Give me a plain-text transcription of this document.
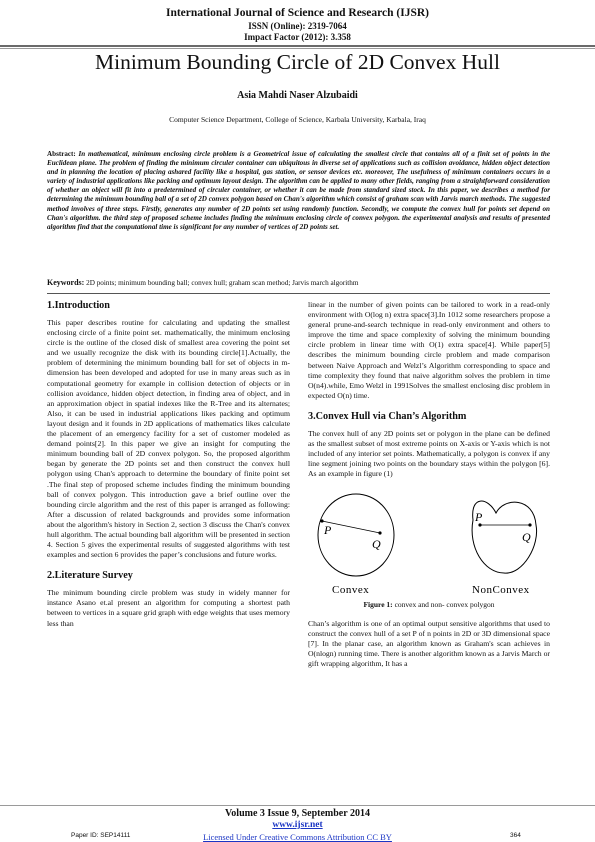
International Journal of Science and Research (IJSR)
ISSN (Online): 2319-7064
Impact Factor (2012): 3.358
Minimum Bounding Circle of 2D Convex Hull
Asia Mahdi Naser Alzubaidi
Computer Science Department, College of Science, Karbala University, Karbala, Iraq
Abstract: In mathematical, minimum enclosing circle problem is a Geometrical issue of calculating the smallest circle that contains all of a finit set of points in the Euclidean plane. The problem of finding the minimum circuler container can ubiquitous in diverse set of applications such as collision avoidance, hidden object detection and in planning the location of placing ashared facility like a hospital, gas station, or sensor devices etc. moreover, The usefulness of minimum containers occurs in a variety of industrial applications like packing and optimum layout design. The algorithm can be applied to many other fields, ranging from a straightforward consideration of whether an object will fit into a predetermined of circuler container, or whether it can be made from standard sized stock. In this paper, we describes a method for determining the minimum bounding ball of a set of 2D convex polygon based on Chan's algorithm which consist of graham scan with Jarvis march methods. The suggested method involves of three steps. Firstly, generates any number of 2D points set using randomly function. Secondly, we compute the convex hull for points set depend on Chan's algorithm. the third step of proposed scheme includes finding the minimum enclosing circle of convex polygon. the experimental analysis and results of presented algorithm find that the computational time is significant for any number of vertices of 2D points set.
Keywords: 2D points; minimum bounding ball; convex hull; graham scan method; Jarvis march algorithm
1.Introduction

This paper describes routine for calculating and updating the smallest enclosing circle of a finite point set. mathematically, the minimum enclosing circle is the outline of the closed disk of smallest area covering the point set and we usually recognize the disk with its bounding circle[1].Actually, the problem of determining the minimum bounding ball for set of objects in m-dimension has been developed and adopted for use in many areas such as in computational geometry for example in collision detection of objects or in collision avoidance, hidden object detection, in finding area of object, and in an approximation object in spatial indexes like the R-Tree and its alternates; Also, it can be used in industrial applications likes packing and optimum layout design and it founds in 2D applications of mathematics likes calculate the placement of an emergency facility for a set of customer modeled as demand points[2]. In this paper we give an insight for computing the minimum bounding ball of 2D convex polygon. So, the proposed algorithm began by generate the 2D points set and then construct the convex hull polygon using Chan's approach to determine the boundary of finite point set .The final step of proposed scheme includes finding the minimum bounding ball of convex polygon. This introduction gave a brief outline over the bounding circle algorithm and the rest of this paper is arranged as following: After a discussion of related backgrounds and provides some information about the algorithm's history in Section 2, section 3 discuss the Chan's convex hull algorithm. The actual bounding ball algorithm will be presented in section 4. Section 5 gives the experimental results of suggested algorithms with test examples and section 6 provides the paper’s conclusions and future works.

2.Literature Survey

The minimum bounding circle problem was study in widely manner for instance Asano et.al present an algorithm for computing a shortest path between to vertices in a square grid graph with edge weights that uses memory less than

linear in the number of given points can be tailored to work in a read-only environment with O(log n) extra space[3].In 1012 some researchers propose a general prune-and-search technique in read-only environment and others to improve the time and space complexity of solving the minimum bounding circle problem in linear time with O(1) extra space[4]. While paper[5] describes the minimum bounding circle problem and made comparison between Naive Approach and Welzl’s Algorithm corresponding to space and time complexity they found that naive algorithm solves the problem in time O(n4).while, Emo Welzl in 1991Solves the smallest enclosing disc problem in expected O(n) time.

3.Convex Hull via Chan’s Algorithm

The convex hull of any 2D points set or polygon in the plane can be defined as the smallest subset of most extreme points on X-axis or Y-axis which is not included of any interior set points. Mathematically, a polygon is convex if any line segment joining two points on the boundary stays within the polygon [6]. As an example in figure (1)

P
Q
P
Q
Convex	NonConvex
Figure 1: convex and non- convex polygon

Chan’s algorithm is one of an optimal output sensitive algorithms that used to construct the convex hull of a set P of n points in 2D or 3D dimensional space [7]. In the planar case, an algorithm known as Graham's scan achieves in O(nlogn) running time. There is another algorithm known as a Jarvis March or gift wrapping algorithm, It has a

Volume 3 Issue 9, September 2014
www.ijsr.net
Licensed Under Creative Commons Attribution CC BY
Paper ID: SEP14111	364
